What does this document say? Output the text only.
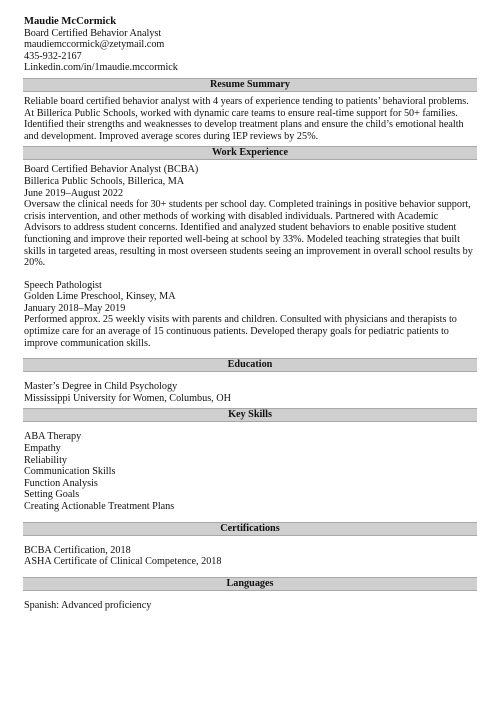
Maudie McCormick
Board Certified Behavior Analyst
maudiemccormick@zetymail.com
435-932-2167
Linkedin.com/in/1maudie.mccormick
Resume Summary

Reliable board certified behavior analyst with 4 years of experience tending to patients’ behavioral problems. At Billerica Public Schools, worked with dynamic care teams to ensure real-time support for 50+ families. Identified their strengths and weaknesses to develop treatment plans and ensure the child’s emotional health and development. Improved average scores during IEP reviews by 25%.

Work Experience
Board Certified Behavior Analyst (BCBA)
Billerica Public Schools, Billerica, MA
June 2019–August 2022

Oversaw the clinical needs for 30+ students per school day. Completed trainings in positive behavior support, crisis intervention, and other methods of working with disabled individuals. Partnered with Academic Advisors to address student concerns. Identified and analyzed student behaviors to enable positive student functioning and improve their reported well-being at school by 33%. Modeled teaching strategies that built skills in targeted areas, resulting in most overseen students seeing an improvement in overall school results by 20%.

Speech Pathologist
Golden Lime Preschool, Kinsey, MA
January 2018–May 2019

Performed approx. 25 weekly visits with parents and children. Consulted with physicians and therapists to optimize care for an average of 15 continuous patients. Developed therapy goals for pediatric patients to improve communication skills.

Education
Master’s Degree in Child Psychology
Mississippi University for Women, Columbus, OH
Key Skills
ABA Therapy
Empathy
Reliability
Communication Skills
Function Analysis
Setting Goals
Creating Actionable Treatment Plans
Certifications
BCBA Certification, 2018
ASHA Certificate of Clinical Competence, 2018
Languages
Spanish: Advanced proficiency
